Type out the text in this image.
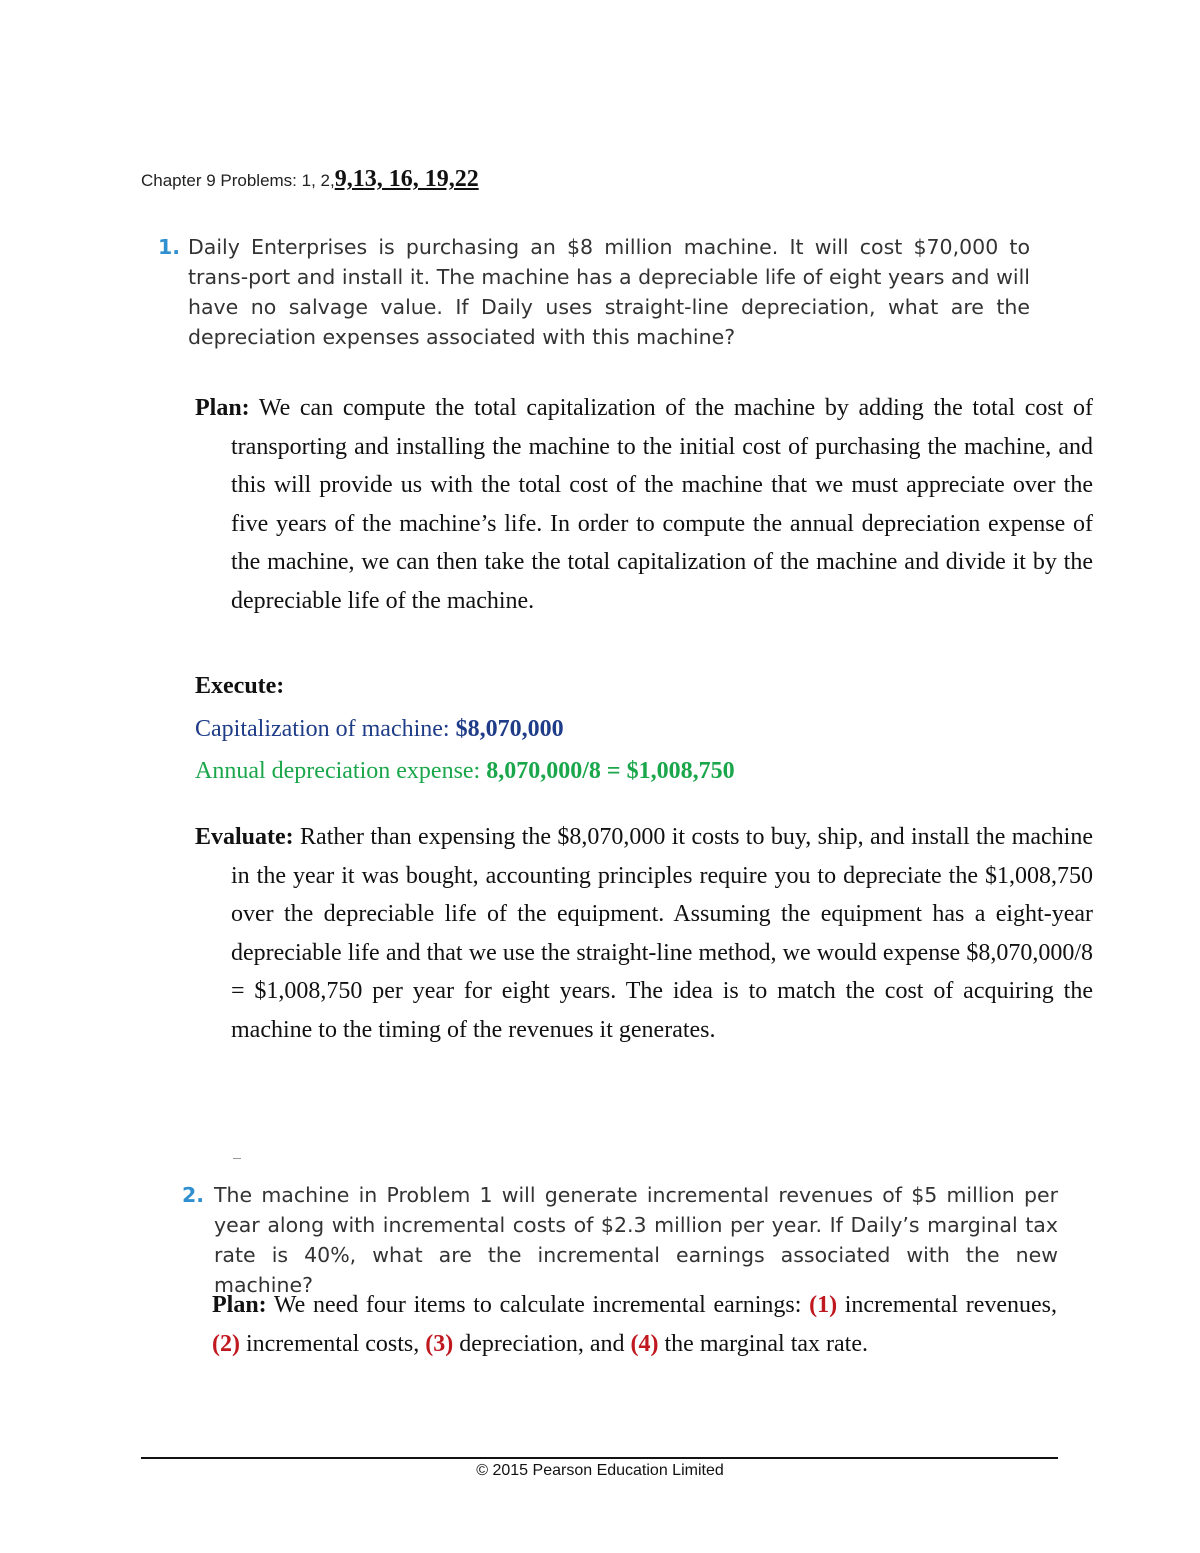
Chapter 9 Problems: 1, 2,9,13, 16, 19,22
1. Daily Enterprises is purchasing an $8 million machine. It will cost $70,000 to trans-port and install it. The machine has a depreciable life of eight years and will have no salvage value. If Daily uses straight-line depreciation, what are the depreciation expenses associated with this machine?
Plan: We can compute the total capitalization of the machine by adding the total cost of transporting and installing the machine to the initial cost of purchasing the machine, and this will provide us with the total cost of the machine that we must appreciate over the five years of the machine’s life. In order to compute the annual depreciation expense of the machine, we can then take the total capitalization of the machine and divide it by the depreciable life of the machine.
Execute:
Capitalization of machine: $8,070,000
Annual depreciation expense: 8,070,000/8 = $1,008,750
Evaluate: Rather than expensing the $8,070,000 it costs to buy, ship, and install the machine in the year it was bought, accounting principles require you to depreciate the $1,008,750 over the depreciable life of the equipment. Assuming the equipment has a eight-year depreciable life and that we use the straight-line method, we would expense $8,070,000/8 = $1,008,750 per year for eight years. The idea is to match the cost of acquiring the machine to the timing of the revenues it generates.
2. The machine in Problem 1 will generate incremental revenues of $5 million per year along with incremental costs of $2.3 million per year. If Daily’s marginal tax rate is 40%, what are the incremental earnings associated with the new machine?
Plan: We need four items to calculate incremental earnings: (1) incremental revenues, (2) incremental costs, (3) depreciation, and (4) the marginal tax rate.
© 2015 Pearson Education Limited
